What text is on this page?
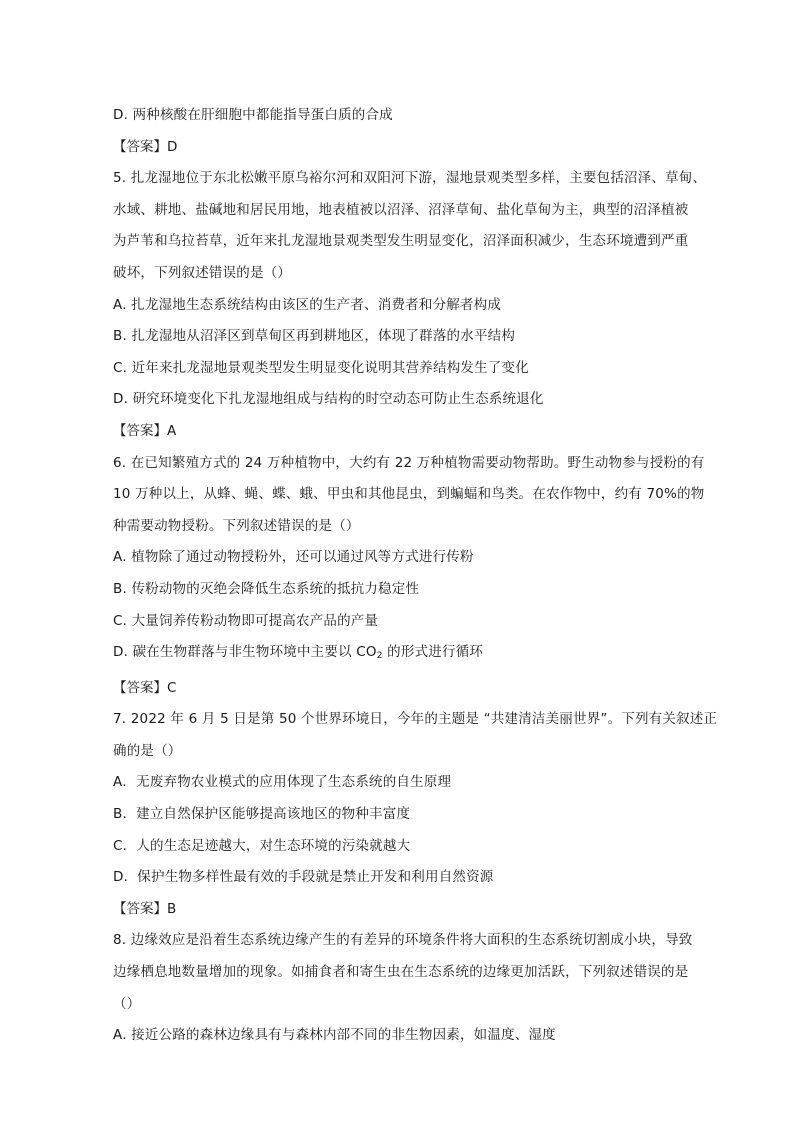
D. 两种核酸在肝细胞中都能指导蛋白质的合成
【答案】D
5. 扎龙湿地位于东北松嫩平原乌裕尔河和双阳河下游，湿地景观类型多样，主要包括沼泽、草甸、
水域、耕地、盐碱地和居民用地，地表植被以沼泽、沼泽草甸、盐化草甸为主，典型的沼泽植被
为芦苇和乌拉苔草，近年来扎龙湿地景观类型发生明显变化，沼泽面积减少，生态环境遭到严重
破坏，下列叙述错误的是（）
A. 扎龙湿地生态系统结构由该区的生产者、消费者和分解者构成
B. 扎龙湿地从沼泽区到草甸区再到耕地区，体现了群落的水平结构
C. 近年来扎龙湿地景观类型发生明显变化说明其营养结构发生了变化
D. 研究环境变化下扎龙湿地组成与结构的时空动态可防止生态系统退化
【答案】A
6. 在已知繁殖方式的 24 万种植物中，大约有 22 万种植物需要动物帮助。野生动物参与授粉的有
10 万种以上，从蜂、蝇、蝶、蛾、甲虫和其他昆虫，到蝙蝠和鸟类。在农作物中，约有 70%的物
种需要动物授粉。下列叙述错误的是（）
A. 植物除了通过动物授粉外，还可以通过风等方式进行传粉
B. 传粉动物的灭绝会降低生态系统的抵抗力稳定性
C. 大量饲养传粉动物即可提高农产品的产量
D. 碳在生物群落与非生物环境中主要以 $CO_2$ 的形式进行循环
【答案】C
7. 2022 年 6 月 5 日是第 50 个世界环境日，今年的主题是 “共建清洁美丽世界”。下列有关叙述正
确的是（）
A．无废弃物农业模式的应用体现了生态系统的自生原理
B．建立自然保护区能够提高该地区的物种丰富度
C．人的生态足迹越大，对生态环境的污染就越大
D．保护生物多样性最有效的手段就是禁止开发和利用自然资源
【答案】B
8. 边缘效应是沿着生态系统边缘产生的有差异的环境条件将大面积的生态系统切割成小块，导致
边缘栖息地数量增加的现象。如捕食者和寄生虫在生态系统的边缘更加活跃，下列叙述错误的是
（）
A. 接近公路的森林边缘具有与森林内部不同的非生物因素，如温度、湿度
